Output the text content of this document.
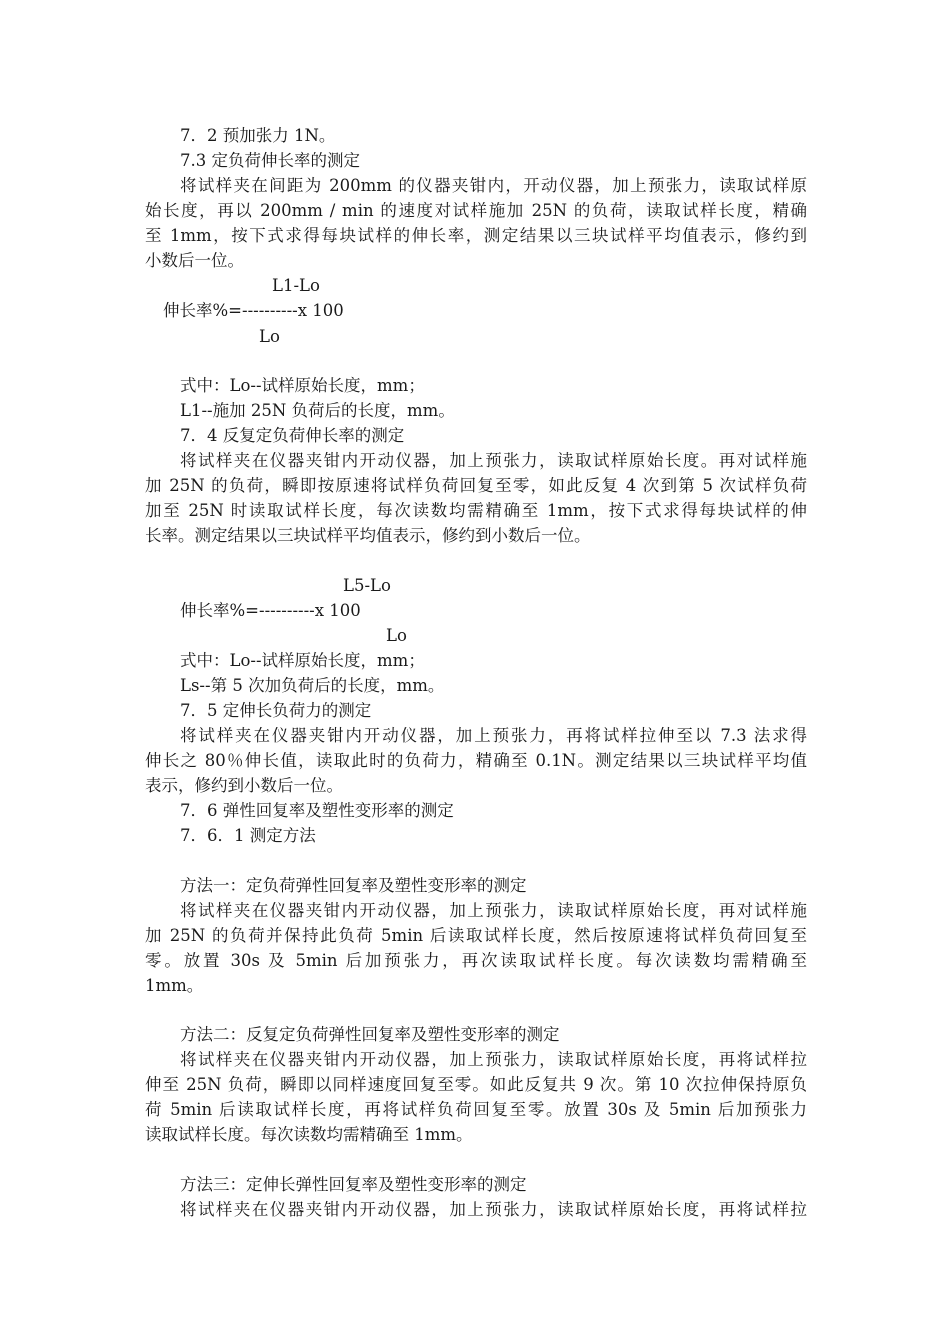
7．2 预加张力 1N。
7.3 定负荷伸长率的测定
将试样夹在间距为 200mm 的仪器夹钳内，开动仪器，加上预张力，读取试样原
始长度，再以 200mm / min 的速度对试样施加 25N 的负荷，读取试样长度，精确
至 1mm，按下式求得每块试样的伸长率，测定结果以三块试样平均值表示，修约到
小数后一位。
L1-Lo
伸长率%=----------x 100
Lo
式中：Lo--试样原始长度，mm；
L1--施加 25N 负荷后的长度，mm。
7．4 反复定负荷伸长率的测定
将试样夹在仪器夹钳内开动仪器，加上预张力，读取试样原始长度。再对试样施
加 25N 的负荷，瞬即按原速将试样负荷回复至零，如此反复 4 次到第 5 次试样负荷
加至 25N 时读取试样长度，每次读数均需精确至 1mm，按下式求得每块试样的伸
长率。测定结果以三块试样平均值表示，修约到小数后一位。
L5-Lo
伸长率%=----------x 100
Lo
式中：Lo--试样原始长度，mm；
Ls--第 5 次加负荷后的长度，mm。
7．5 定伸长负荷力的测定
将试样夹在仪器夹钳内开动仪器，加上预张力，再将试样拉伸至以 7.3 法求得
伸长之 80％伸长值，读取此时的负荷力，精确至 0.1N。测定结果以三块试样平均值
表示，修约到小数后一位。
7．6 弹性回复率及塑性变形率的测定
7．6．1 测定方法
方法一：定负荷弹性回复率及塑性变形率的测定
将试样夹在仪器夹钳内开动仪器，加上预张力，读取试样原始长度，再对试样施
加 25N 的负荷并保持此负荷 5min 后读取试样长度，然后按原速将试样负荷回复至
零。放置 30s 及 5min 后加预张力，再次读取试样长度。每次读数均需精确至
1mm。
方法二：反复定负荷弹性回复率及塑性变形率的测定
将试样夹在仪器夹钳内开动仪器，加上预张力，读取试样原始长度，再将试样拉
伸至 25N 负荷，瞬即以同样速度回复至零。如此反复共 9 次。第 10 次拉伸保持原负
荷 5min 后读取试样长度，再将试样负荷回复至零。放置 30s 及 5min 后加预张力
读取试样长度。每次读数均需精确至 1mm。
方法三：定伸长弹性回复率及塑性变形率的测定
将试样夹在仪器夹钳内开动仪器，加上预张力，读取试样原始长度，再将试样拉
